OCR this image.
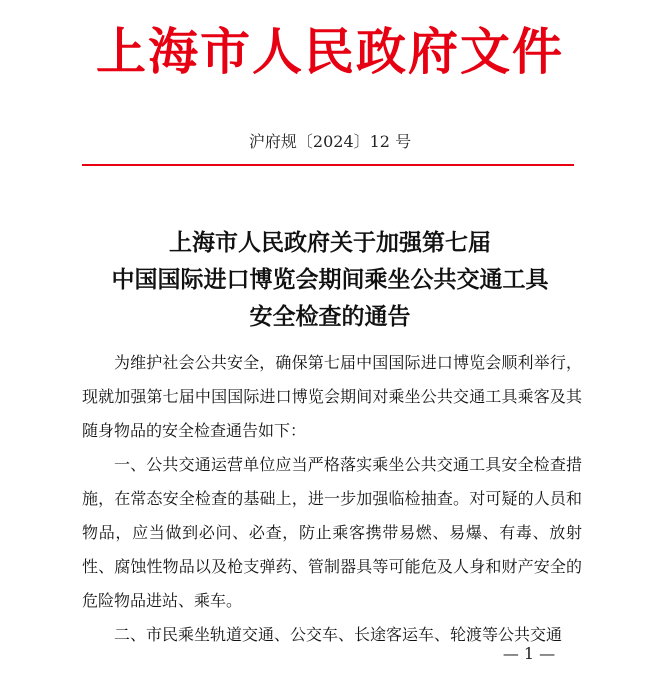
上海市人民政府文件
沪府规〔2024〕12 号
上海市人民政府关于加强第七届
中国国际进口博览会期间乘坐公共交通工具
安全检查的通告

为维护社会公共安全，确保第七届中国国际进口博览会顺利举行，现就加强第七届中国国际进口博览会期间对乘坐公共交通工具乘客及其随身物品的安全检查通告如下：

一、公共交通运营单位应当严格落实乘坐公共交通工具安全检查措施，在常态安全检查的基础上，进一步加强临检抽查。对可疑的人员和物品，应当做到必问、必查，防止乘客携带易燃、易爆、有毒、放射性、腐蚀性物品以及枪支弹药、管制器具等可能危及人身和财产安全的危险物品进站、乘车。

二、市民乘坐轨道交通、公交车、长途客运车、轮渡等公共交通

— 1 —
